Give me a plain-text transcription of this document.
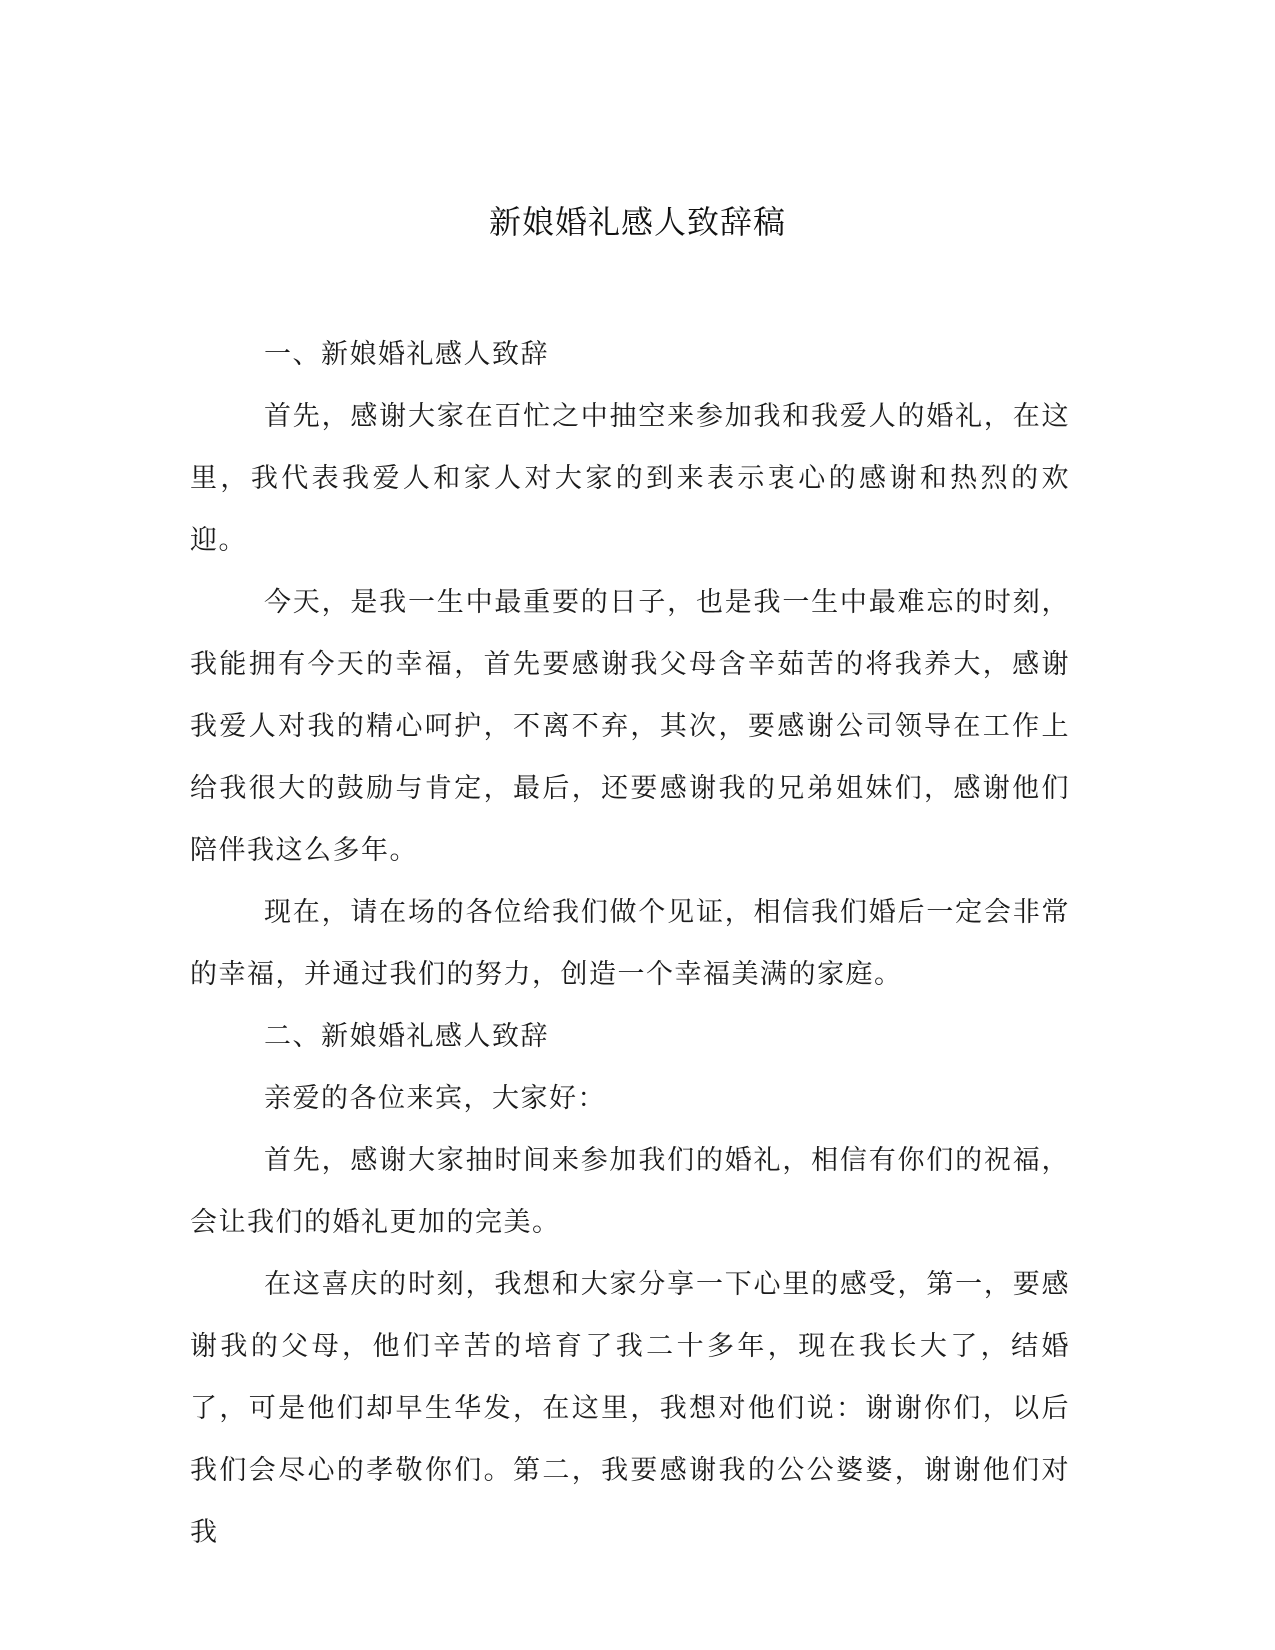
新娘婚礼感人致辞稿

一、新娘婚礼感人致辞

首先，感谢大家在百忙之中抽空来参加我和我爱人的婚礼，在这里，我代表我爱人和家人对大家的到来表示衷心的感谢和热烈的欢迎。

今天，是我一生中最重要的日子，也是我一生中最难忘的时刻，我能拥有今天的幸福，首先要感谢我父母含辛茹苦的将我养大，感谢我爱人对我的精心呵护，不离不弃，其次，要感谢公司领导在工作上给我很大的鼓励与肯定，最后，还要感谢我的兄弟姐妹们，感谢他们陪伴我这么多年。

现在，请在场的各位给我们做个见证，相信我们婚后一定会非常的幸福，并通过我们的努力，创造一个幸福美满的家庭。

二、新娘婚礼感人致辞

亲爱的各位来宾，大家好：

首先，感谢大家抽时间来参加我们的婚礼，相信有你们的祝福，会让我们的婚礼更加的完美。

在这喜庆的时刻，我想和大家分享一下心里的感受，第一，要感谢我的父母，他们辛苦的培育了我二十多年，现在我长大了，结婚了，可是他们却早生华发，在这里，我想对他们说：谢谢你们，以后我们会尽心的孝敬你们。第二，我要感谢我的公公婆婆，谢谢他们对我
